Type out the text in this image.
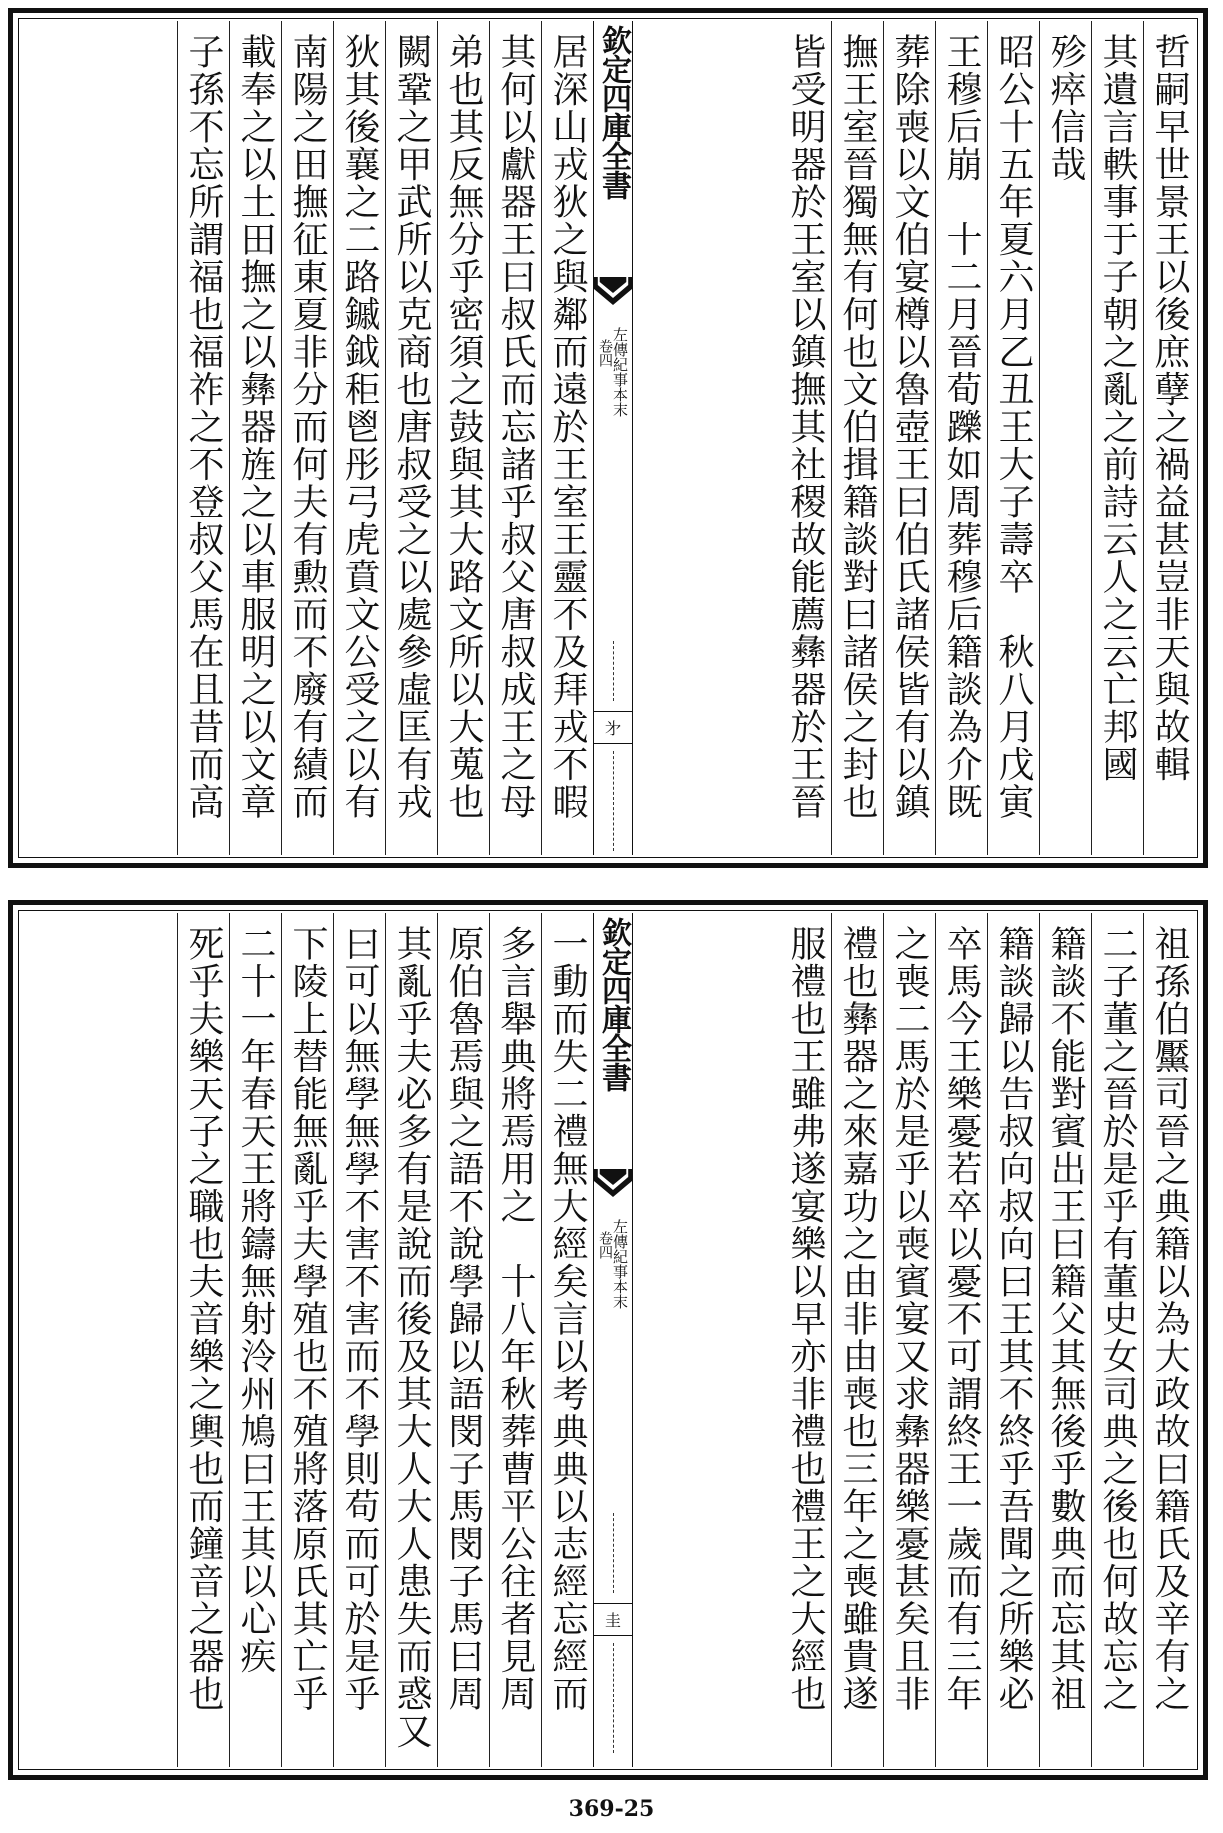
哲嗣早世景王以後庶孽之禍益甚豈非天與故輯
其遺言軼事于子朝之亂之前詩云人之云亡邦國
殄瘁信哉
昭公十五年夏六月乙丑王大子壽卒　秋八月戊寅
王穆后崩　十二月晉荀躒如周葬穆后籍談為介既
葬除喪以文伯宴樽以魯壺王曰伯氏諸侯皆有以鎮
撫王室晉獨無有何也文伯揖籍談對曰諸侯之封也
皆受明器於王室以鎮撫其社稷故能薦彝器於王晉
欽定四庫全書
左傳紀事本末
卷四
㐧
居深山戎狄之與鄰而遠於王室王靈不及拜戎不暇
其何以獻器王曰叔氏而忘諸乎叔父唐叔成王之母
弟也其反無分乎密須之鼓與其大路文所以大蒐也
闕鞏之甲武所以克商也唐叔受之以處參虛匡有戎
狄其後襄之二路鏚鉞秬鬯彤弓虎賁文公受之以有
南陽之田撫征東夏非分而何夫有勲而不廢有績而
載奉之以土田撫之以彝器旌之以車服明之以文章
子孫不忘所謂福也福祚之不登叔父馬在且昔而高
祖孫伯黶司晉之典籍以為大政故曰籍氏及辛有之
二子董之晉於是乎有董史女司典之後也何故忘之
籍談不能對賓出王曰籍父其無後乎數典而忘其祖
籍談歸以告叔向叔向曰王其不終乎吾聞之所樂必
卒馬今王樂憂若卒以憂不可謂終王一歲而有三年
之喪二馬於是乎以喪賓宴又求彝器樂憂甚矣且非
禮也彝器之來嘉功之由非由喪也三年之喪雖貴遂
服禮也王雖弗遂宴樂以早亦非禮也禮王之大經也
欽定四庫全書
左傳紀事本末
卷四
圭
一動而失二禮無大經矣言以考典典以志經忘經而
多言舉典將焉用之　十八年秋葬曹平公往者見周
原伯魯焉與之語不說學歸以語閔子馬閔子馬曰周
其亂乎夫必多有是說而後及其大人大人患失而惑又
曰可以無學無學不害不害而不學則苟而可於是乎
下陵上替能無亂乎夫學殖也不殖將落原氏其亡乎
二十一年春天王將鑄無射泠州鳩曰王其以心疾
死乎夫樂天子之職也夫音樂之輿也而鐘音之器也
369-25
